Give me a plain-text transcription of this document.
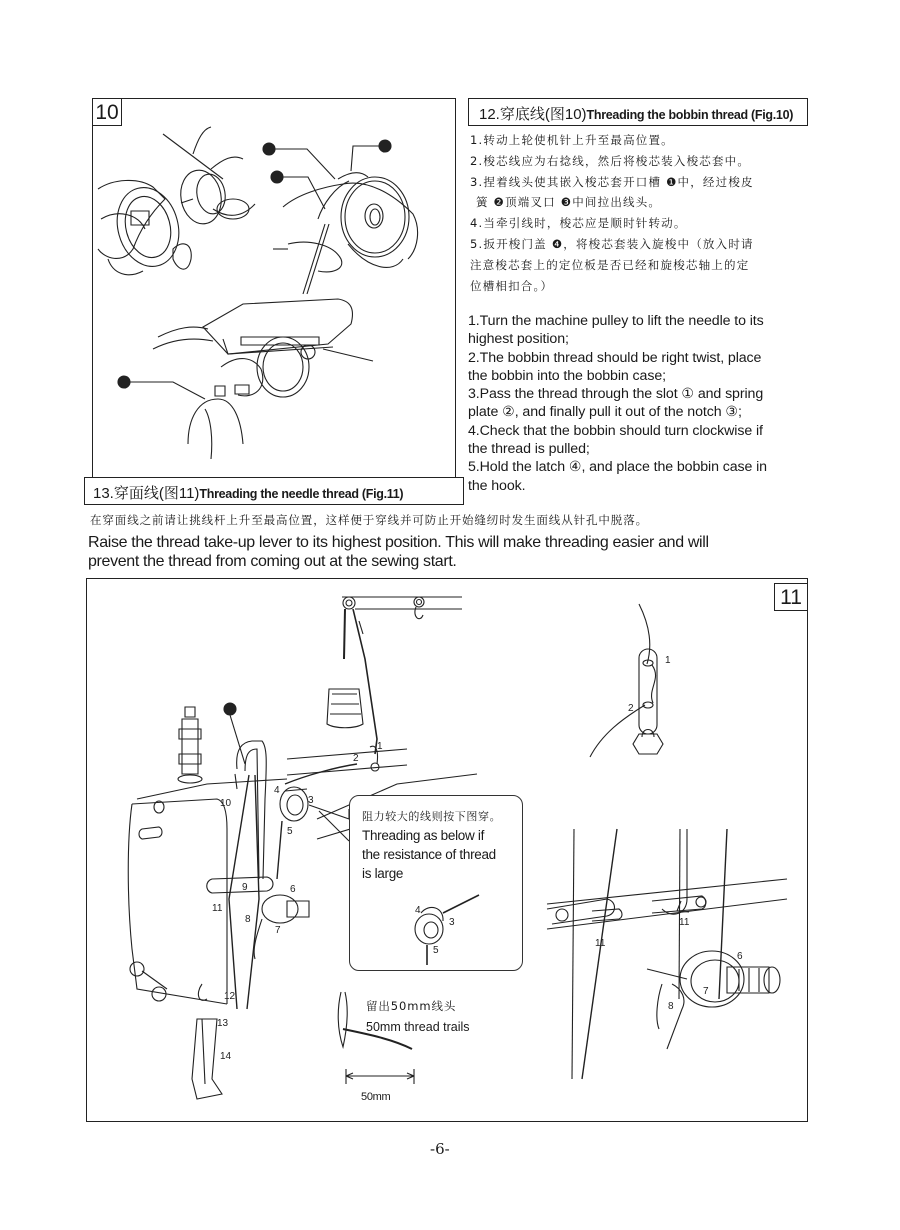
10
2	1
3
4
12.穿底线(图10)Threading the bobbin thread (Fig.10)
1.转动上轮使机针上升至最高位置。
2.梭芯线应为右捻线，然后将梭芯装入梭芯套中。
3.捏着线头使其嵌入梭芯套开口槽 ❶中，经过梭皮
簧 ❷顶端叉口 ❸中间拉出线头。
4.当牵引线时，梭芯应是顺时针转动。
5.扳开梭门盖 ❹，将梭芯套装入旋梭中（放入时请
注意梭芯套上的定位板是否已经和旋梭芯轴上的定
位槽相扣合。）
1.Turn the machine pulley to lift the needle to its
highest position;
2.The bobbin thread should be right twist, place
the bobbin into the bobbin case;
3.Pass the thread through the slot ① and spring
plate ②, and finally pull it out of the notch ③;
4.Check that the bobbin should turn clockwise if
the thread is pulled;
5.Hold the latch ④, and place the bobbin case in
the hook.
13.穿面线(图11)Threading the needle thread (Fig.11)
在穿面线之前请让挑线杆上升至最高位置，这样便于穿线并可防止开始缝纫时发生面线从针孔中脱落。
Raise the thread take-up lever to its highest position. This will make threading easier and will
prevent the thread from coming out at the sewing start.
11
1
1
2
3
4
5
6
7
8
9
10
11
12
13
14
1
2
11
11
6
7
8
阻力较大的线则按下图穿。
Threading as below if
the resistance of thread
is large
4
3
5
留出50mm线头
50mm thread trails
50mm
-6-
